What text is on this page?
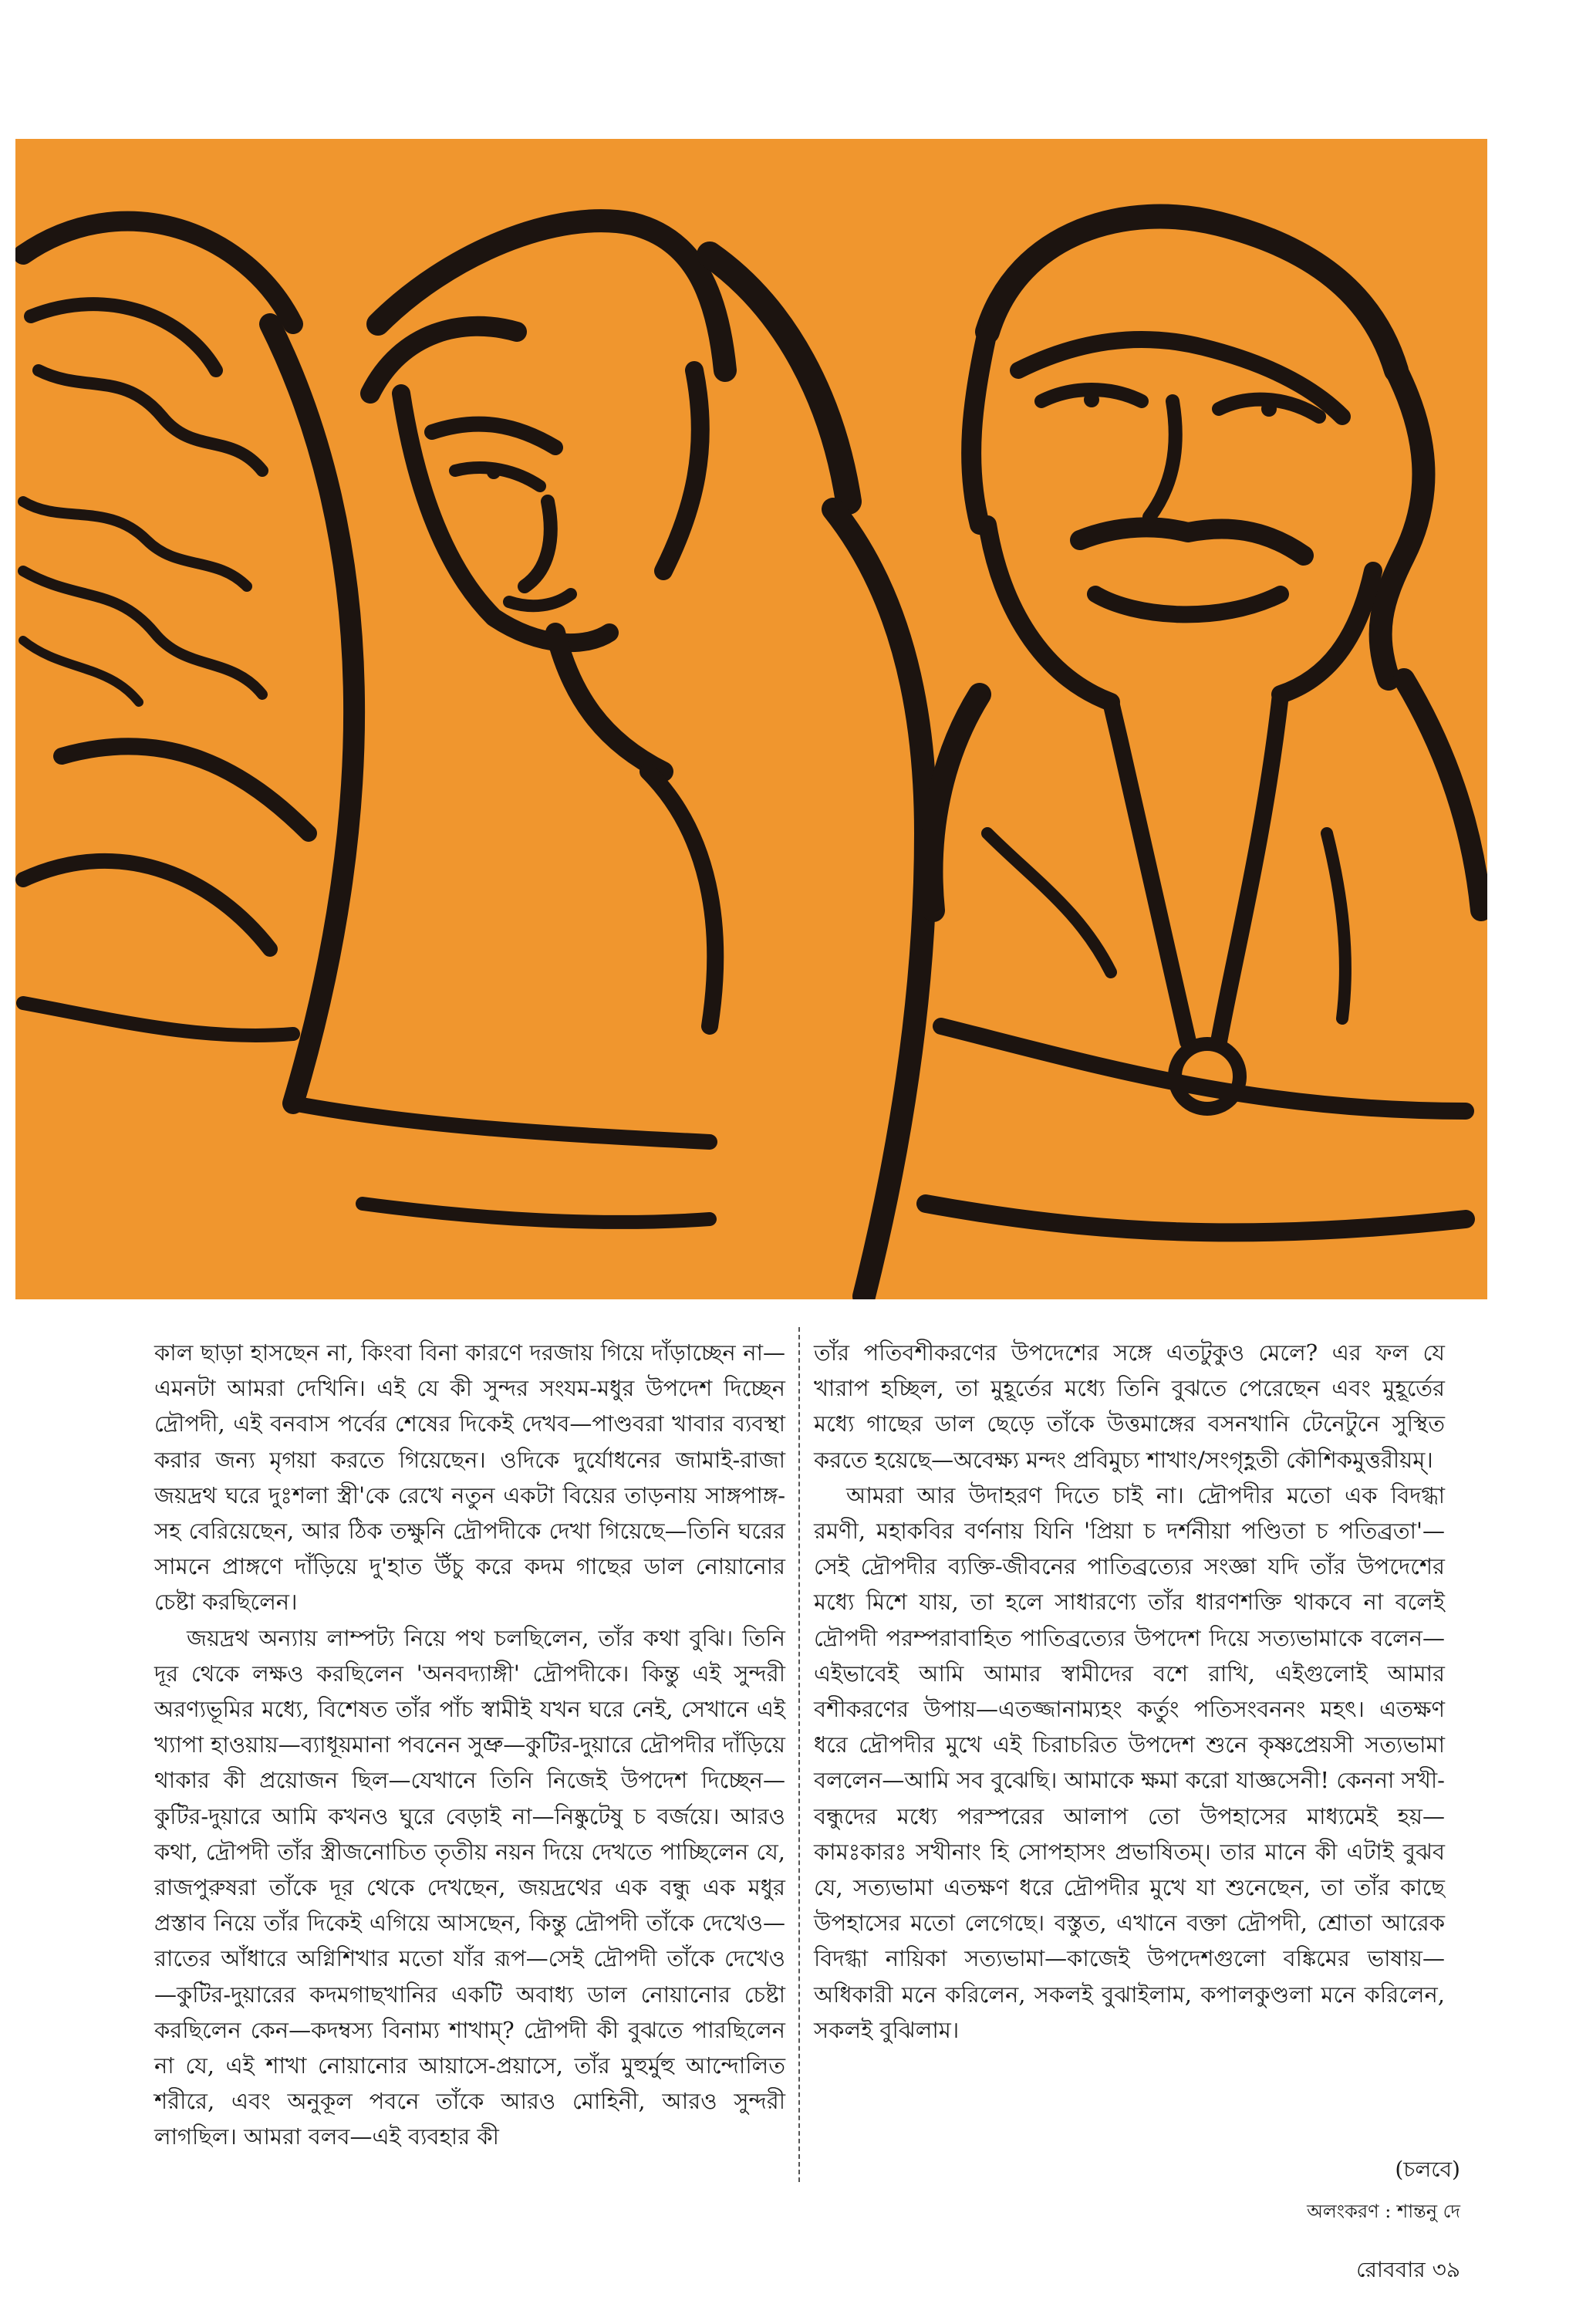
কাল ছাড়া হাসছেন না, কিংবা বিনা কারণে দরজায় গিয়ে দাঁড়াচ্ছেন না—এমনটা আমরা দেখিনি। এই যে কী সুন্দর সংযম-মধুর উপদেশ দিচ্ছেন দ্রৌপদী, এই বনবাস পর্বের শেষের দিকেই দেখব—পাণ্ডবরা খাবার ব্যবস্থা করার জন্য মৃগয়া করতে গিয়েছেন। ওদিকে দুর্যোধনের জামাই-রাজা জয়দ্রথ ঘরে দুঃশলা স্ত্রী'কে রেখে নতুন একটা বিয়ের তাড়নায় সাঙ্গপাঙ্গ-সহ বেরিয়েছেন, আর ঠিক তক্ষুনি দ্রৌপদীকে দেখা গিয়েছে—তিনি ঘরের সামনে প্রাঙ্গণে দাঁড়িয়ে দু'হাত উঁচু করে কদম গাছের ডাল নোয়ানোর চেষ্টা করছিলেন।

জয়দ্রথ অন্যায় লাম্পট্য নিয়ে পথ চলছিলেন, তাঁর কথা বুঝি। তিনি দূর থেকে লক্ষও করছিলেন 'অনবদ্যাঙ্গী' দ্রৌপদীকে। কিন্তু এই সুন্দরী অরণ্যভূমির মধ্যে, বিশেষত তাঁর পাঁচ স্বামীই যখন ঘরে নেই, সেখানে এই খ্যাপা হাওয়ায়—ব্যাধূয়মানা পবনেন সুভ্রু—কুটির-দুয়ারে দ্রৌপদীর দাঁড়িয়ে থাকার কী প্রয়োজন ছিল—যেখানে তিনি নিজেই উপদেশ দিচ্ছেন—কুটির-দুয়ারে আমি কখনও ঘুরে বেড়াই না—নিষ্কুটেষু চ বর্জয়ে। আরও কথা, দ্রৌপদী তাঁর স্ত্রীজনোচিত তৃতীয় নয়ন দিয়ে দেখতে পাচ্ছিলেন যে, রাজপুরুষরা তাঁকে দূর থেকে দেখছেন, জয়দ্রথের এক বন্ধু এক মধুর প্রস্তাব নিয়ে তাঁর দিকেই এগিয়ে আসছেন, কিন্তু দ্রৌপদী তাঁকে দেখেও—রাতের আঁধারে অগ্নিশিখার মতো যাঁর রূপ—সেই দ্রৌপদী তাঁকে দেখেও—কুটির-দুয়ারের কদমগাছখানির একটি অবাধ্য ডাল নোয়ানোর চেষ্টা করছিলেন কেন—কদম্বস্য বিনাম্য শাখাম্? দ্রৌপদী কী বুঝতে পারছিলেন না যে, এই শাখা নোয়ানোর আয়াসে-প্রয়াসে, তাঁর মুহুর্মুহু আন্দোলিত শরীরে, এবং অনুকূল পবনে তাঁকে আরও মোহিনী, আরও সুন্দরী লাগছিল। আমরা বলব—এই ব্যবহার কী

তাঁর পতিবশীকরণের উপদেশের সঙ্গে এতটুকুও মেলে? এর ফল যে খারাপ হচ্ছিল, তা মুহূর্তের মধ্যে তিনি বুঝতে পেরেছেন এবং মুহূর্তের মধ্যে গাছের ডাল ছেড়ে তাঁকে উত্তমাঙ্গের বসনখানি টেনেটুনে সুস্থিত করতে হয়েছে—অবেক্ষ্য মন্দং প্রবিমুচ্য শাখাং/সংগৃহ্ণতী কৌশিকমুত্তরীয়ম্।

আমরা আর উদাহরণ দিতে চাই না। দ্রৌপদীর মতো এক বিদগ্ধা রমণী, মহাকবির বর্ণনায় যিনি 'প্রিয়া চ দর্শনীয়া পণ্ডিতা চ পতিব্রতা'—সেই দ্রৌপদীর ব্যক্তি-জীবনের পাতিব্রত্যের সংজ্ঞা যদি তাঁর উপদেশের মধ্যে মিশে যায়, তা হলে সাধারণ্যে তাঁর ধারণশক্তি থাকবে না বলেই দ্রৌপদী পরম্পরাবাহিত পাতিব্রত্যের উপদেশ দিয়ে সত্যভামাকে বলেন—এইভাবেই আমি আমার স্বামীদের বশে রাখি, এইগুলোই আমার বশীকরণের উপায়—এতজ্জানাম্যহং কর্তুং পতিসংবননং মহৎ। এতক্ষণ ধরে দ্রৌপদীর মুখে এই চিরাচরিত উপদেশ শুনে কৃষ্ণপ্রেয়সী সত্যভামা বললেন—আমি সব বুঝেছি। আমাকে ক্ষমা করো যাজ্ঞসেনী! কেননা সখী-বন্ধুদের মধ্যে পরস্পরের আলাপ তো উপহাসের মাধ্যমেই হয়—কামঃকারঃ সখীনাং হি সোপহাসং প্রভাষিতম্। তার মানে কী এটাই বুঝব যে, সত্যভামা এতক্ষণ ধরে দ্রৌপদীর মুখে যা শুনেছেন, তা তাঁর কাছে উপহাসের মতো লেগেছে। বস্তুত, এখানে বক্তা দ্রৌপদী, শ্রোতা আরেক বিদগ্ধা নায়িকা সত্যভামা—কাজেই উপদেশগুলো বঙ্কিমের ভাষায়—অধিকারী মনে করিলেন, সকলই বুঝাইলাম, কপালকুণ্ডলা মনে করিলেন, সকলই বুঝিলাম।

(চলবে)
অলংকরণ : শান্তনু দে
রোববার ৩৯
